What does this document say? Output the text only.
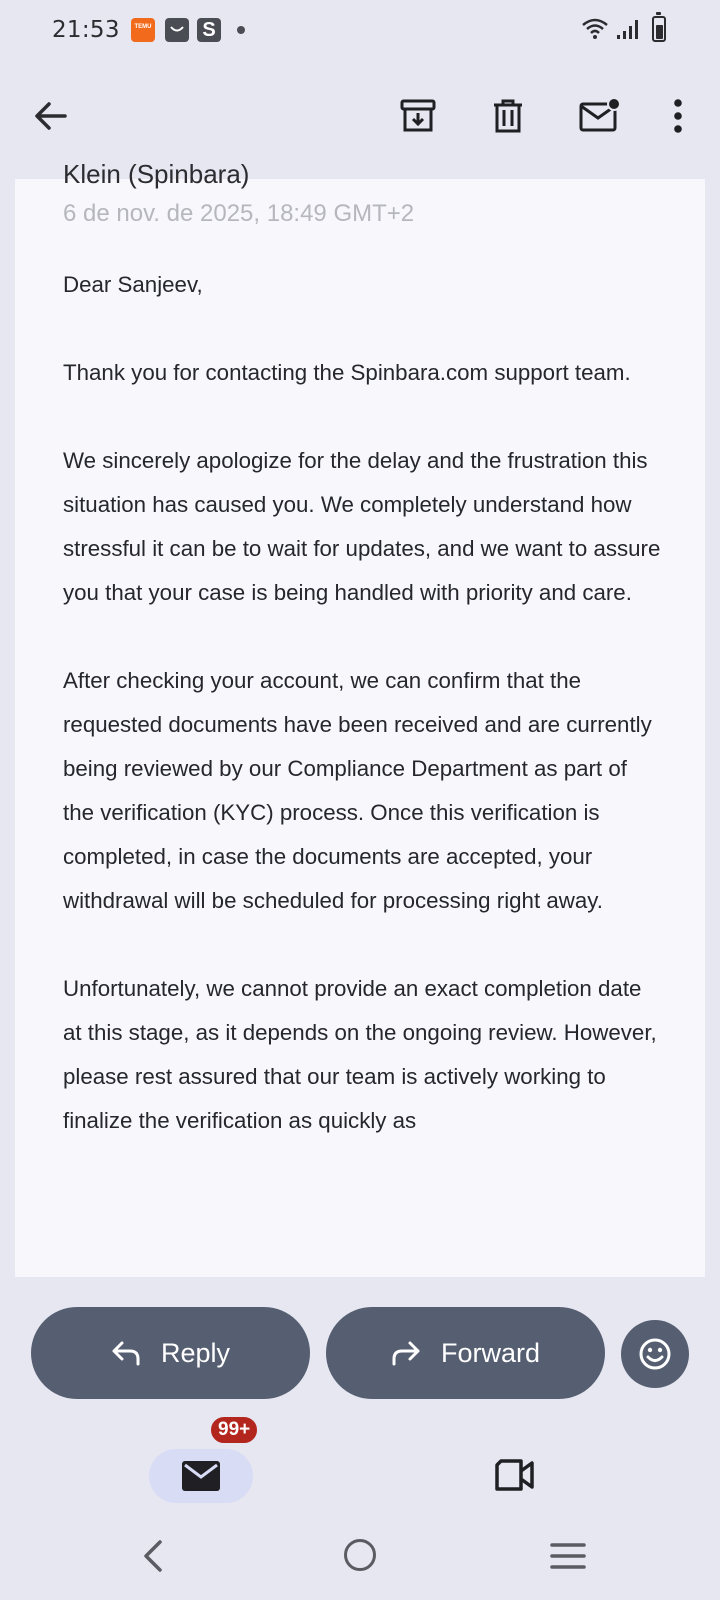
21:53	TEMU	S
Klein (Spinbara)
6 de nov. de 2025, 18:49 GMT+2

Dear Sanjeev,

Thank you for contacting the Spinbara.com support team.

We sincerely apologize for the delay and the frustration this situation has caused you. We completely understand how stressful it can be to wait for updates, and we want to assure you that your case is being handled with priority and care.

After checking your account, we can confirm that the requested documents have been received and are currently being reviewed by our Compliance Department as part of the verification (KYC) process. Once this verification is completed, in case the documents are accepted, your withdrawal will be scheduled for processing right away.

Unfortunately, we cannot provide an exact completion date at this stage, as it depends on the ongoing review. However, please rest assured that our team is actively working to finalize the verification as quickly as

Reply	Forward
99+
